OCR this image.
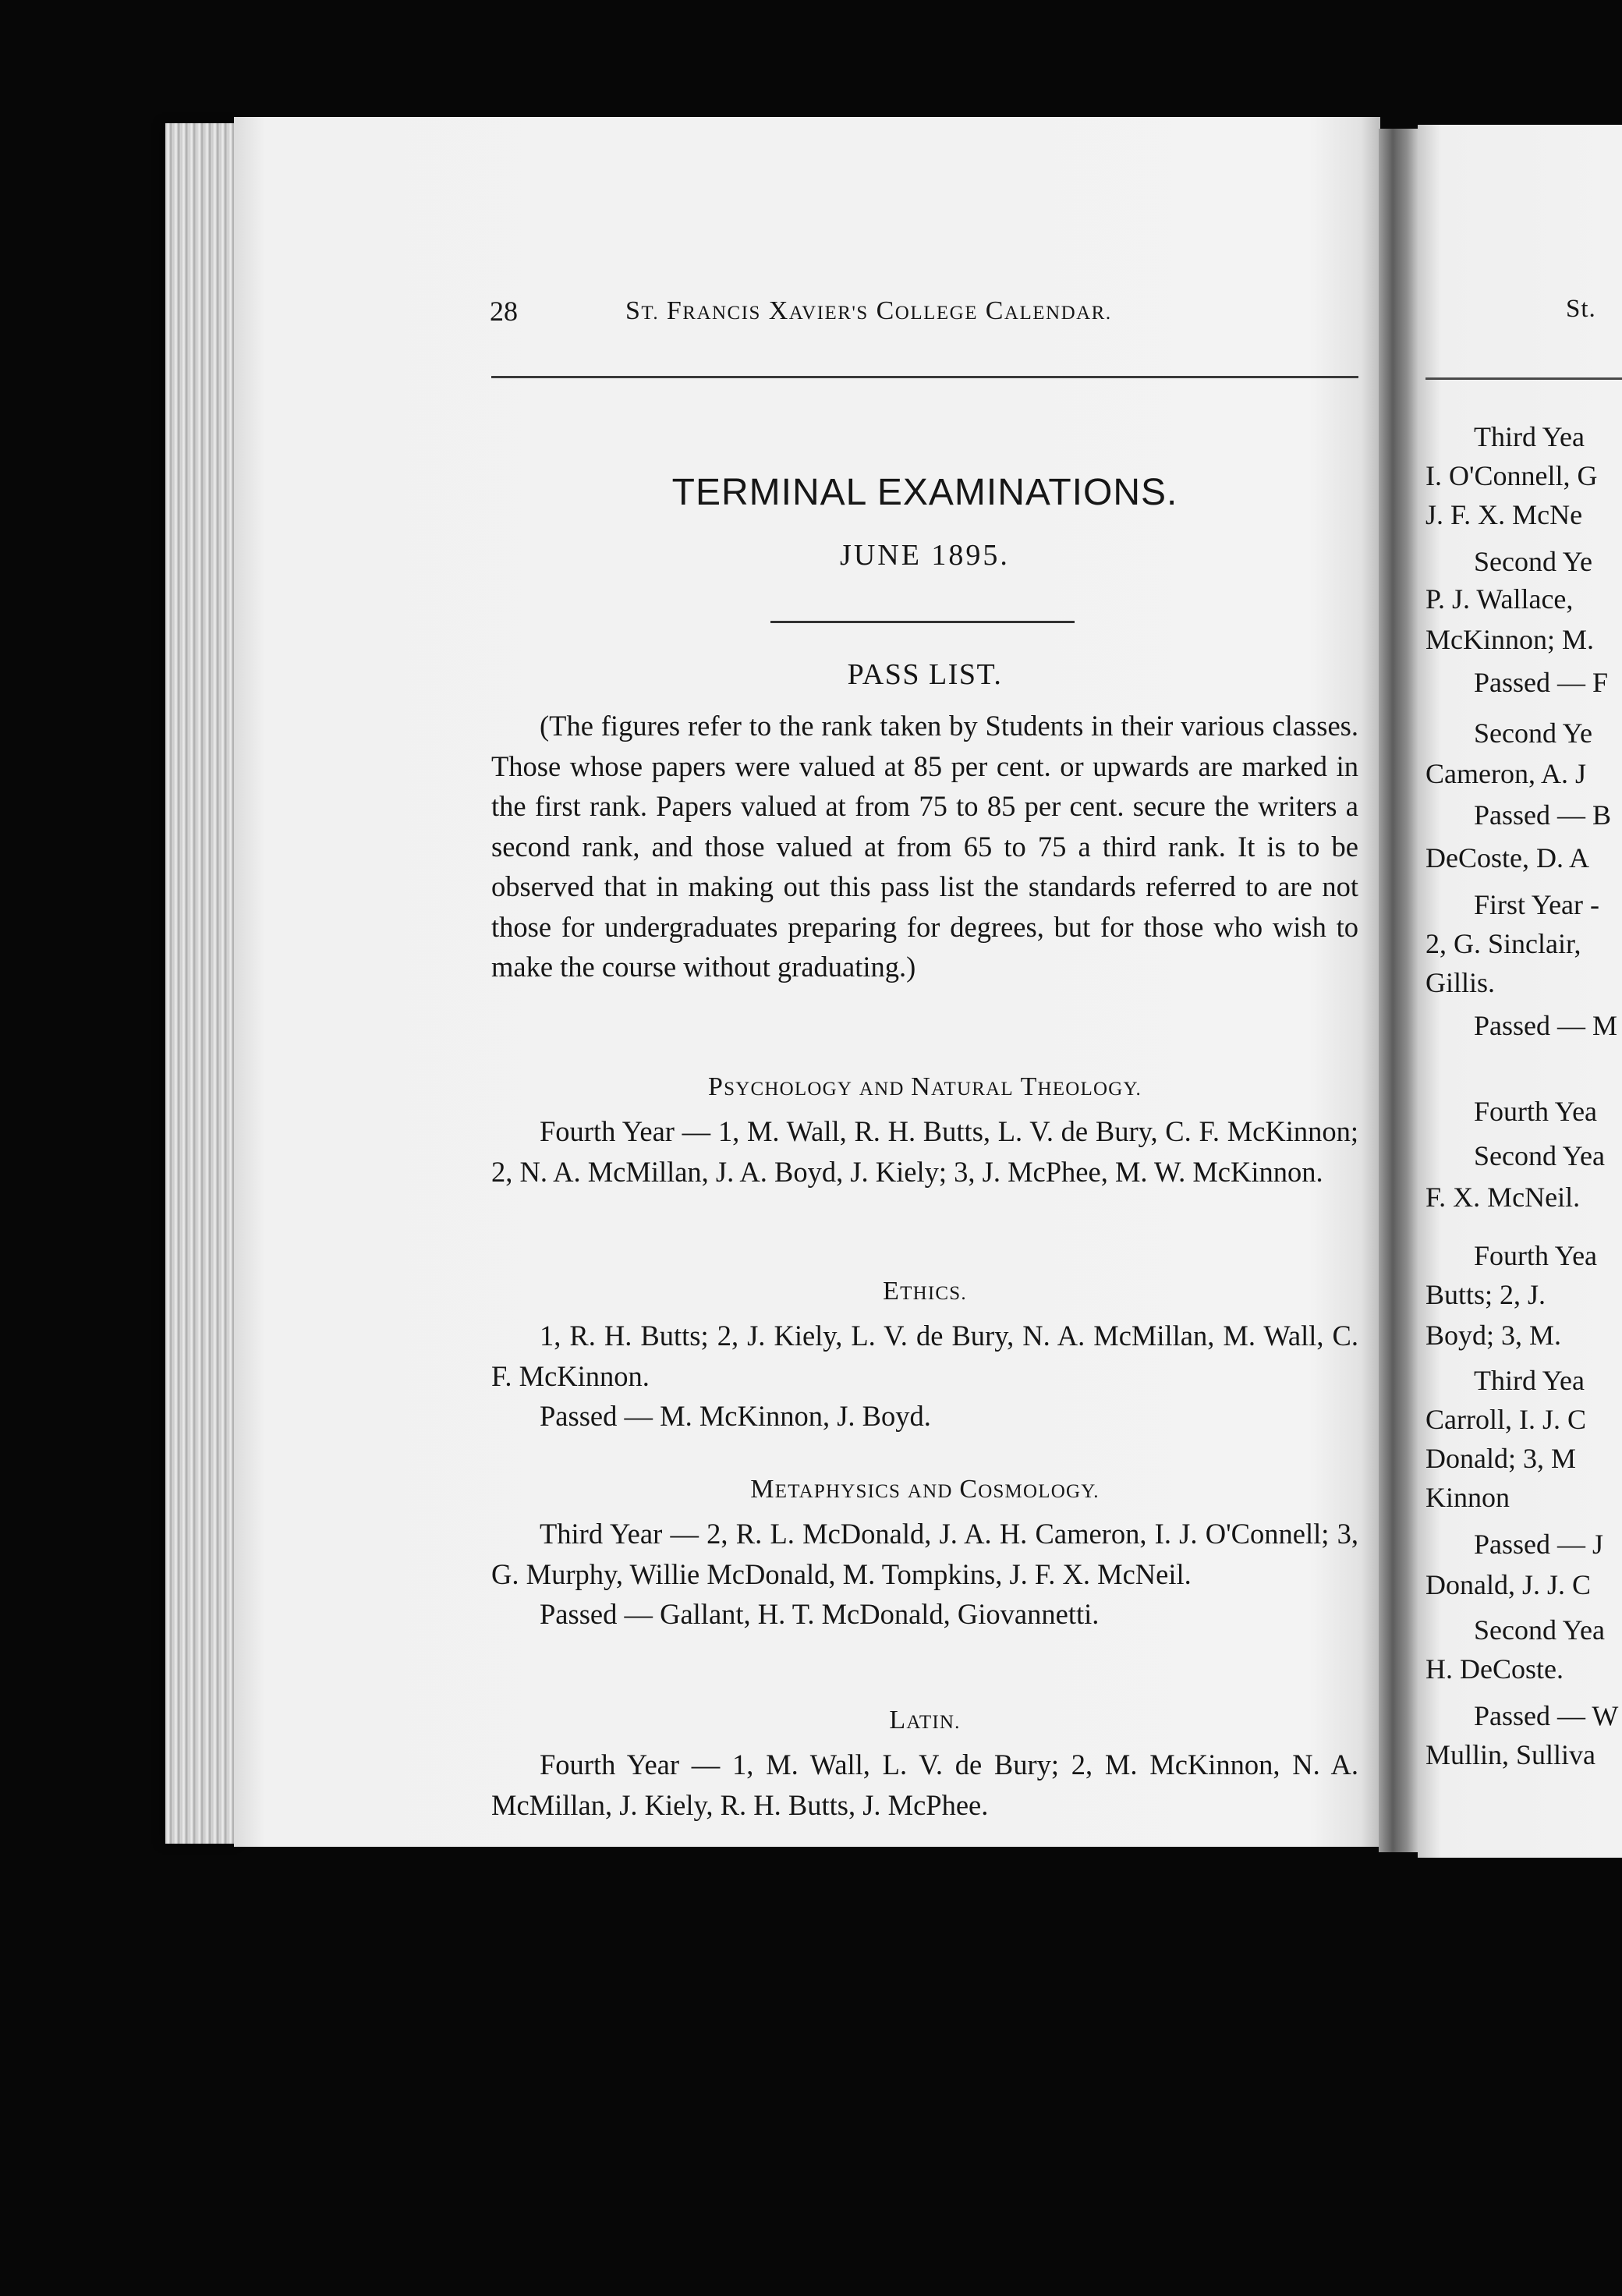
28	ST. FRANCIS XAVIER'S COLLEGE CALENDAR.
TERMINAL EXAMINATIONS.
JUNE 1895.
PASS LIST.

(The figures refer to the rank taken by Students in their various classes. Those whose papers were valued at 85 per cent. or upwards are marked in the first rank. Papers valued at from 75 to 85 per cent. secure the writers a second rank, and those valued at from 65 to 75 a third rank. It is to be observed that in making out this pass list the standards referred to are not those for undergraduates preparing for degrees, but for those who wish to make the course without graduating.)

PSYCHOLOGY AND NATURAL THEOLOGY.

Fourth Year — 1, M. Wall, R. H. Butts, L. V. de Bury, C. F. McKinnon; 2, N. A. McMillan, J. A. Boyd, J. Kiely; 3, J. McPhee, M. W. McKinnon.

ETHICS.

1, R. H. Butts; 2, J. Kiely, L. V. de Bury, N. A. McMillan, M. Wall, C. F. McKinnon.

Passed — M. McKinnon, J. Boyd.

METAPHYSICS AND COSMOLOGY.

Third Year — 2, R. L. McDonald, J. A. H. Cameron, I. J. O'Connell; 3, G. Murphy, Willie McDonald, M. Tompkins, J. F. X. McNeil.

Passed — Gallant, H. T. McDonald, Giovannetti.

LATIN.

Fourth Year — 1, M. Wall, L. V. de Bury; 2, M. McKinnon, N. A. McMillan, J. Kiely, R. H. Butts, J. McPhee.

St.
Third Yea
I. O'Connell, G
J. F. X. McNe
Second Ye
P. J. Wallace,
McKinnon; M.
Passed — F
Second Ye
Cameron, A. J
Passed — B
DeCoste, D. A
First Year -
2, G. Sinclair,
Gillis.
Passed — M
Fourth Yea
Second Yea
F. X. McNeil.
Fourth Yea
Butts; 2, J.
Boyd; 3, M.
Third Yea
Carroll, I. J. C
Donald; 3, M
Kinnon
Passed — J
Donald, J. J. C
Second Yea
H. DeCoste.
Passed — W
Mullin, Sulliva
